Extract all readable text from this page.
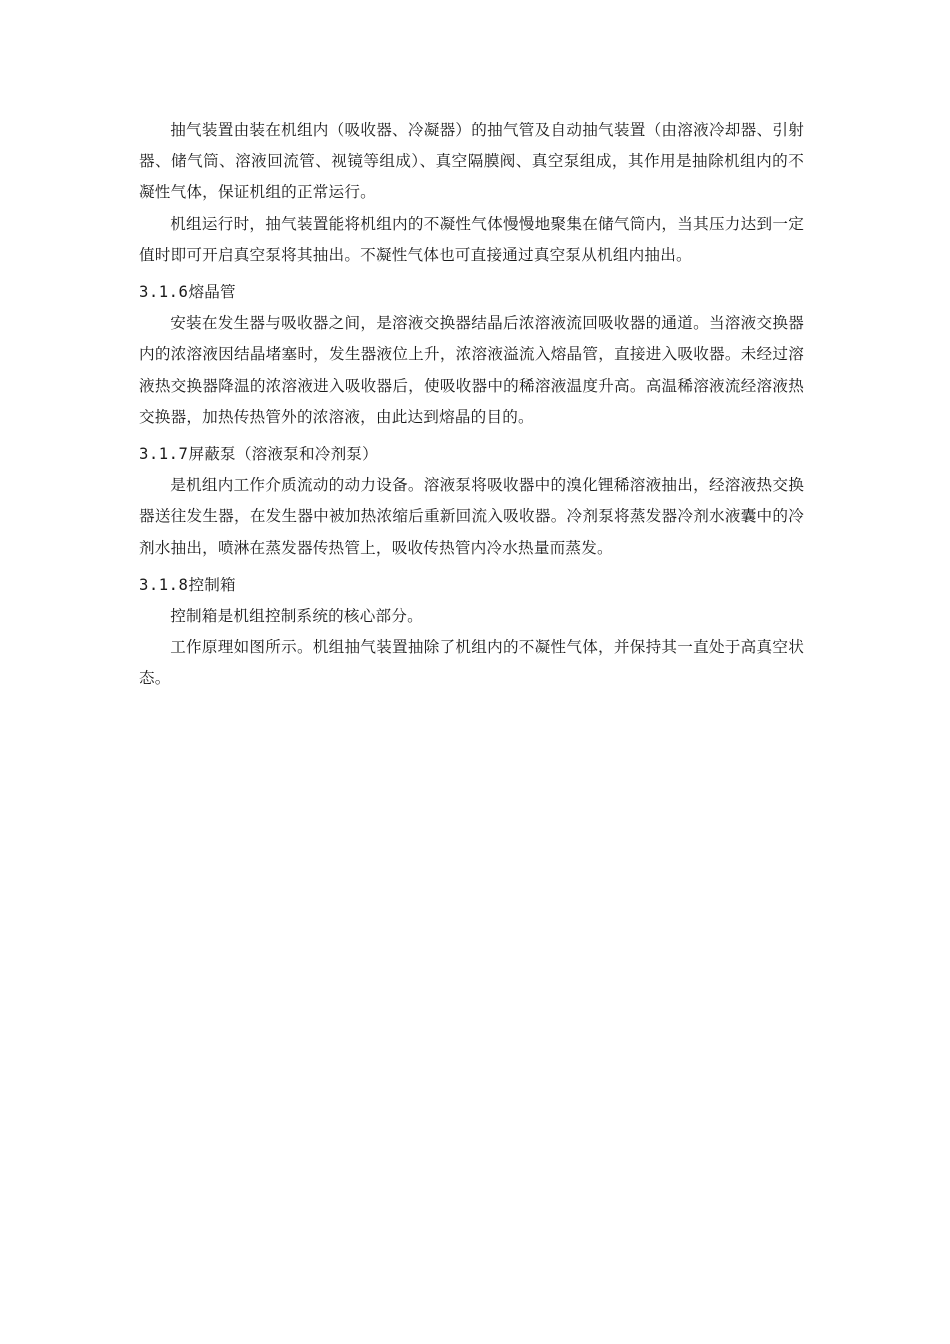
抽气装置由装在机组内（吸收器、冷凝器）的抽气管及自动抽气装置（由溶液冷却器、引射器、储气筒、溶液回流管、视镜等组成）、真空隔膜阀、真空泵组成，其作用是抽除机组内的不凝性气体，保证机组的正常运行。

机组运行时，抽气装置能将机组内的不凝性气体慢慢地聚集在储气筒内，当其压力达到一定值时即可开启真空泵将其抽出。不凝性气体也可直接通过真空泵从机组内抽出。

3.1.6熔晶管

安装在发生器与吸收器之间，是溶液交换器结晶后浓溶液流回吸收器的通道。当溶液交换器内的浓溶液因结晶堵塞时，发生器液位上升，浓溶液溢流入熔晶管，直接进入吸收器。未经过溶液热交换器降温的浓溶液进入吸收器后，使吸收器中的稀溶液温度升高。高温稀溶液流经溶液热交换器，加热传热管外的浓溶液，由此达到熔晶的目的。

3.1.7屏蔽泵（溶液泵和冷剂泵）

是机组内工作介质流动的动力设备。溶液泵将吸收器中的溴化锂稀溶液抽出，经溶液热交换器送往发生器，在发生器中被加热浓缩后重新回流入吸收器。冷剂泵将蒸发器冷剂水液囊中的冷剂水抽出，喷淋在蒸发器传热管上，吸收传热管内冷水热量而蒸发。

3.1.8控制箱

控制箱是机组控制系统的核心部分。

工作原理如图所示。机组抽气装置抽除了机组内的不凝性气体，并保持其一直处于高真空状态。
